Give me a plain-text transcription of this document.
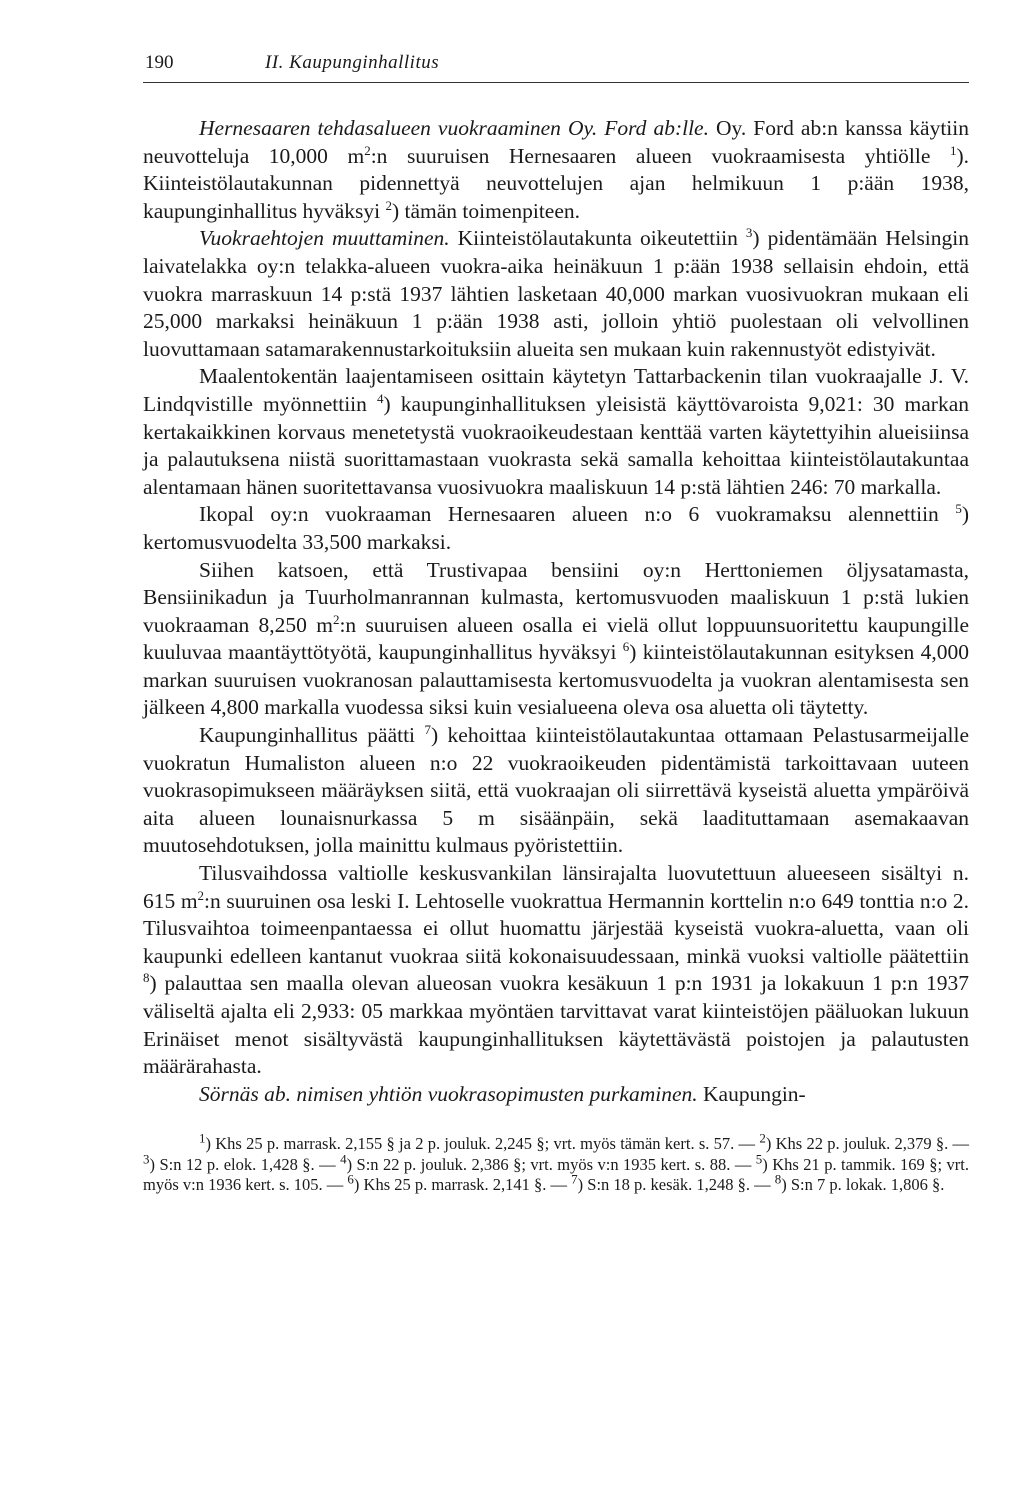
190	II. Kaupunginhallitus

Hernesaaren tehdasalueen vuokraaminen Oy. Ford ab:lle. Oy. Ford ab:n kanssa käytiin neuvotteluja 10,000 $m^2:n$ suuruisen Hernesaaren alueen vuokraamisesta yhtiölle $^1$). Kiinteistölautakunnan pidennettyä neuvottelujen ajan helmikuun 1 p:ään 1938, kaupunginhallitus hyväksyi $^2$) tämän toimenpiteen.

Vuokraehtojen muuttaminen. Kiinteistölautakunta oikeutettiin $^3$) pidentämään Helsingin laivatelakka oy:n telakka-alueen vuokra-aika heinäkuun 1 p:ään 1938 sellaisin ehdoin, että vuokra marraskuun 14 p:stä 1937 lähtien lasketaan 40,000 markan vuosivuokran mukaan eli 25,000 markaksi heinäkuun 1 p:ään 1938 asti, jolloin yhtiö puolestaan oli velvollinen luovuttamaan satamarakennustarkoituksiin alueita sen mukaan kuin rakennustyöt edistyivät.

Maalentokentän laajentamiseen osittain käytetyn Tattarbackenin tilan vuokraajalle J. V. Lindqvistille myönnettiin $^4$) kaupunginhallituksen yleisistä käyttövaroista 9,021: 30 markan kertakaikkinen korvaus menetetystä vuokraoikeudestaan kenttää varten käytettyihin alueisiinsa ja palautuksena niistä suorittamastaan vuokrasta sekä samalla kehoittaa kiinteistölautakuntaa alentamaan hänen suoritettavansa vuosivuokra maaliskuun 14 p:stä lähtien 246: 70 markalla.

Ikopal oy:n vuokraaman Hernesaaren alueen n:o 6 vuokramaksu alennettiin $^5$) kertomusvuodelta 33,500 markaksi.

Siihen katsoen, että Trustivapaa bensiini oy:n Herttoniemen öljysatamasta, Bensiinikadun ja Tuurholmanrannan kulmasta, kertomusvuoden maaliskuun 1 p:stä lukien vuokraaman 8,250 $m^2:n$ suuruisen alueen osalla ei vielä ollut loppuunsuoritettu kaupungille kuuluvaa maantäyttötyötä, kaupunginhallitus hyväksyi $^6$) kiinteistölautakunnan esityksen 4,000 markan suuruisen vuokranosan palauttamisesta kertomusvuodelta ja vuokran alentamisesta sen jälkeen 4,800 markalla vuodessa siksi kuin vesialueena oleva osa aluetta oli täytetty.

Kaupunginhallitus päätti $^7$) kehoittaa kiinteistölautakuntaa ottamaan Pelastusarmeijalle vuokratun Humaliston alueen n:o 22 vuokraoikeuden pidentämistä tarkoittavaan uuteen vuokrasopimukseen määräyksen siitä, että vuokraajan oli siirrettävä kyseistä aluetta ympäröivä aita alueen lounaisnurkassa 5 m sisäänpäin, sekä laadituttamaan asemakaavan muutosehdotuksen, jolla mainittu kulmaus pyöristettiin.

Tilusvaihdossa valtiolle keskusvankilan länsirajalta luovutettuun alueeseen sisältyi n. 615 $m^2:n$ suuruinen osa leski I. Lehtoselle vuokrattua Hermannin korttelin n:o 649 tonttia n:o 2. Tilusvaihtoa toimeenpantaessa ei ollut huomattu järjestää kyseistä vuokra-aluetta, vaan oli kaupunki edelleen kantanut vuokraa siitä kokonaisuudessaan, minkä vuoksi valtiolle päätettiin $^8$) palauttaa sen maalla olevan alueosan vuokra kesäkuun 1 p:n 1931 ja lokakuun 1 p:n 1937 väliseltä ajalta eli 2,933: 05 markkaa myöntäen tarvittavat varat kiinteistöjen pääluokan lukuun Erinäiset menot sisältyvästä kaupunginhallituksen käytettävästä poistojen ja palautusten määrärahasta.

Sörnäs ab. nimisen yhtiön vuokrasopimusten purkaminen. Kaupungin-

$^1$) Khs 25 p. marrask. 2,155 § ja 2 p. jouluk. 2,245 §; vrt. myös tämän kert. s. 57. — $^2$) Khs 22 p. jouluk. 2,379 §. — $^3$) S:n 12 p. elok. 1,428 §. — $^4$) S:n 22 p. jouluk. 2,386 §; vrt. myös v:n 1935 kert. s. 88. — $^5$) Khs 21 p. tammik. 169 §; vrt. myös v:n 1936 kert. s. 105. — $^6$) Khs 25 p. marrask. 2,141 §. — $^7$) S:n 18 p. kesäk. 1,248 §. — $^8$) S:n 7 p. lokak. 1,806 §.
